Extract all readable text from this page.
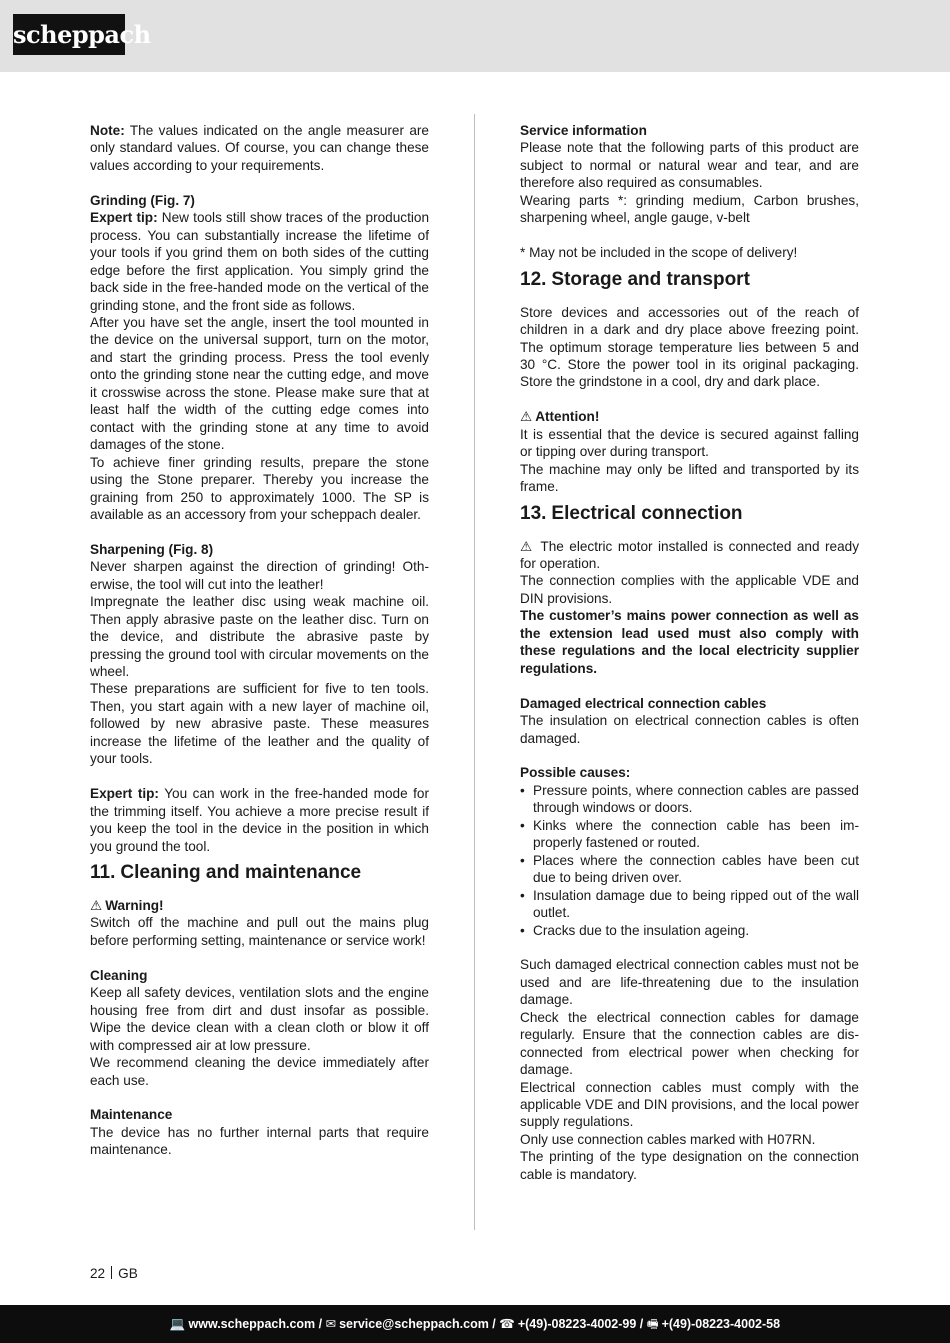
scheppach

Note: The values indicated on the angle measurer are only standard values. Of course, you can change these values according to your requirements.

Grinding (Fig. 7)

Expert tip: New tools still show traces of the production process. You can substantially increase the lifetime of your tools if you grind them on both sides of the cutting edge before the first application. You simply grind the back side in the free-handed mode on the vertical of the grinding stone, and the front side as follows.

After you have set the angle, insert the tool mounted in the device on the universal support, turn on the motor, and start the grinding process. Press the tool evenly onto the grinding stone near the cutting edge, and move it crosswise across the stone. Please make sure that at least half the width of the cutting edge comes into contact with the grinding stone at any time to avoid damages of the stone.

To achieve finer grinding results, prepare the stone using the Stone preparer. Thereby you increase the graining from 250 to approximately 1000. The SP is available as an accessory from your scheppach dealer.

Sharpening (Fig. 8)

Never sharpen against the direction of grinding! Otherwise, the tool will cut into the leather!

Impregnate the leather disc using weak machine oil. Then apply abrasive paste on the leather disc. Turn on the device, and distribute the abrasive paste by pressing the ground tool with circular movements on the wheel.

These preparations are sufficient for five to ten tools. Then, you start again with a new layer of machine oil, followed by new abrasive paste. These measures increase the lifetime of the leather and the quality of your tools.

Expert tip: You can work in the free-handed mode for the trimming itself. You achieve a more precise result if you keep the tool in the device in the position in which you ground the tool.

11. Cleaning and maintenance

⚠ Warning!

Switch off the machine and pull out the mains plug before performing setting, maintenance or service work!

Cleaning

Keep all safety devices, ventilation slots and the engine housing free from dirt and dust insofar as possible. Wipe the device clean with a clean cloth or blow it off with compressed air at low pressure.

We recommend cleaning the device immediately after each use.

Maintenance

The device has no further internal parts that require maintenance.

Service information

Please note that the following parts of this product are subject to normal or natural wear and tear, and are therefore also required as consumables.

Wearing parts *: grinding medium, Carbon brushes, sharpening wheel, angle gauge, v-belt

* May not be included in the scope of delivery!

12. Storage and transport

Store devices and accessories out of the reach of children in a dark and dry place above freezing point. The optimum storage temperature lies between 5 and 30 °C. Store the power tool in its original packaging. Store the grindstone in a cool, dry and dark place.

⚠ Attention!

It is essential that the device is secured against falling or tipping over during transport.

The machine may only be lifted and transported by its frame.

13. Electrical connection

⚠ The electric motor installed is connected and ready for operation.

The connection complies with the applicable VDE and DIN provisions.

The customer’s mains power connection as well as the extension lead used must also comply with these regulations and the local electricity supplier regulations.

Damaged electrical connection cables

The insulation on electrical connection cables is often damaged.

Possible causes:

• Pressure points, where connection cables are passed through windows or doors.
• Kinks where the connection cable has been improperly fastened or routed.
• Places where the connection cables have been cut due to being driven over.
• Insulation damage due to being ripped out of the wall outlet.
• Cracks due to the insulation ageing.

Such damaged electrical connection cables must not be used and are life-threatening due to the insulation damage.

Check the electrical connection cables for damage regularly. Ensure that the connection cables are disconnected from electrical power when checking for damage.

Electrical connection cables must comply with the applicable VDE and DIN provisions, and the local power supply regulations.

Only use connection cables marked with H07RN.

The printing of the type designation on the connection cable is mandatory.

22 GB
💻 www.scheppach.com / ✉ service@scheppach.com / ☎ +(49)-08223-4002-99 / 🖷 +(49)-08223-4002-58
